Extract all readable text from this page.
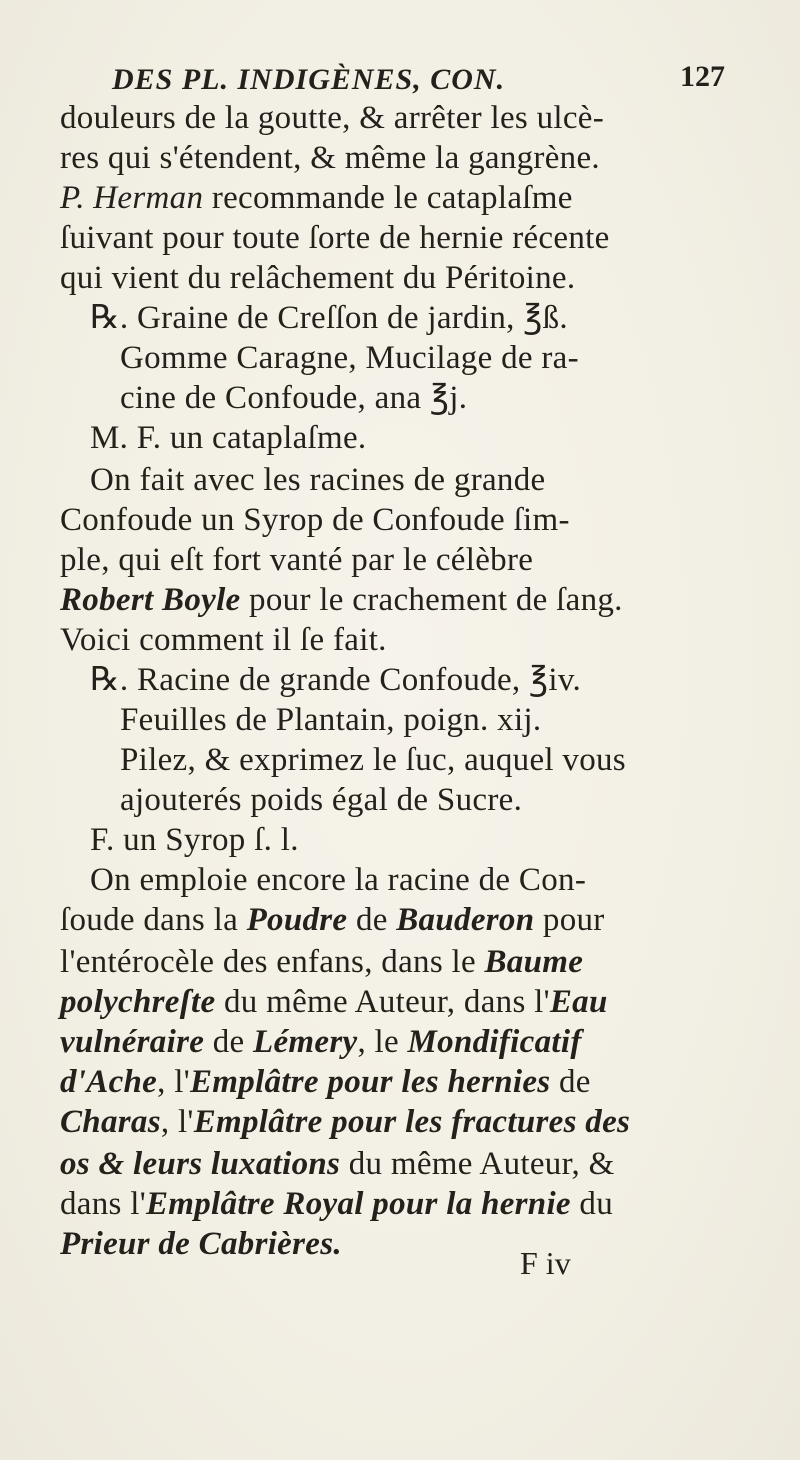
DES PL. INDIGÈNES, CON.	127
douleurs de la goutte, & arrêter les ulcè-
res qui s'étendent, & même la gangrène.
P. Herman recommande le cataplaſme
ſuivant pour toute ſorte de hernie récente
qui vient du relâchement du Péritoine.
℞. Graine de Creſſon de jardin, ℥ß.
Gomme Caragne, Mucilage de ra-
cine de Confoude, ana ℥j.
M. F. un cataplaſme.
On fait avec les racines de grande
Confoude un Syrop de Confoude ſim-
ple, qui eſt fort vanté par le célèbre
Robert Boyle pour le crachement de ſang.
Voici comment il ſe fait.
℞. Racine de grande Confoude, ℥iv.
Feuilles de Plantain, poign. xij.
Pilez, & exprimez le ſuc, auquel vous
ajouterés poids égal de Sucre.
F. un Syrop ſ. l.
On emploie encore la racine de Con-
ſoude dans la Poudre de Bauderon pour
l'entérocèle des enfans, dans le Baume
polychreſte du même Auteur, dans l'Eau
vulnéraire de Lémery, le Mondificatif
d'Ache, l'Emplâtre pour les hernies de
Charas, l'Emplâtre pour les fractures des
os & leurs luxations du même Auteur, &
dans l'Emplâtre Royal pour la hernie du
Prieur de Cabrières.
F iv
